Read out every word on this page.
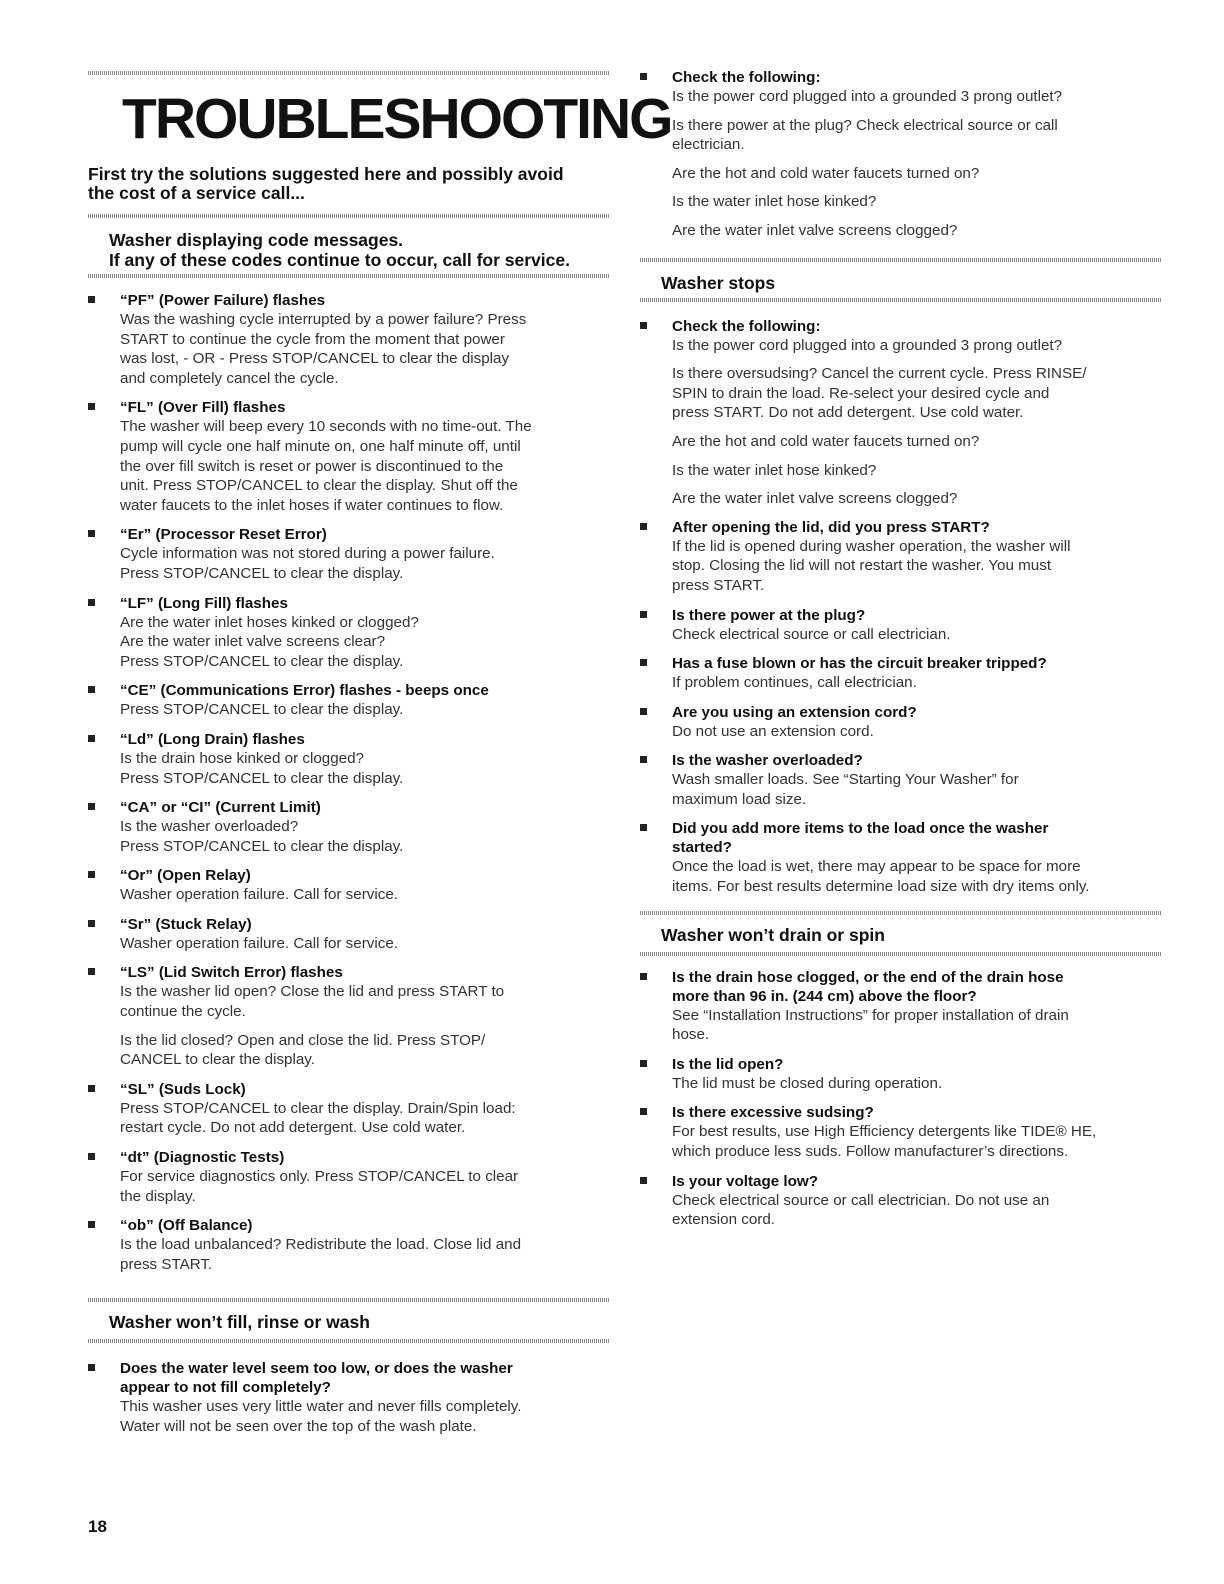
TROUBLESHOOTING

First try the solutions suggested here and possibly avoid

the cost of a service call...

Washer displaying code messages.

If any of these codes continue to occur, call for service.

“PF” (Power Failure) flashes
Was the washing cycle interrupted by a power failure? Press
START to continue the cycle from the moment that power
was lost, - OR - Press STOP/CANCEL to clear the display
and completely cancel the cycle.
“FL” (Over Fill) flashes
The washer will beep every 10 seconds with no time-out. The
pump will cycle one half minute on, one half minute off, until
the over fill switch is reset or power is discontinued to the
unit. Press STOP/CANCEL to clear the display. Shut off the
water faucets to the inlet hoses if water continues to flow.
“Er” (Processor Reset Error)
Cycle information was not stored during a power failure.
Press STOP/CANCEL to clear the display.
“LF” (Long Fill) flashes
Are the water inlet hoses kinked or clogged?
Are the water inlet valve screens clear?
Press STOP/CANCEL to clear the display.
“CE” (Communications Error) flashes - beeps once
Press STOP/CANCEL to clear the display.
“Ld” (Long Drain) flashes
Is the drain hose kinked or clogged?
Press STOP/CANCEL to clear the display.
“CA” or “CI” (Current Limit)
Is the washer overloaded?
Press STOP/CANCEL to clear the display.
“Or” (Open Relay)
Washer operation failure. Call for service.
“Sr” (Stuck Relay)
Washer operation failure. Call for service.
“LS” (Lid Switch Error) flashes
Is the washer lid open? Close the lid and press START to
continue the cycle.
Is the lid closed? Open and close the lid. Press STOP/
CANCEL to clear the display.
“SL” (Suds Lock)
Press STOP/CANCEL to clear the display. Drain/Spin load:
restart cycle. Do not add detergent. Use cold water.
“dt” (Diagnostic Tests)
For service diagnostics only. Press STOP/CANCEL to clear
the display.
“ob” (Off Balance)
Is the load unbalanced? Redistribute the load. Close lid and
press START.

Washer won’t fill, rinse or wash

Does the water level seem too low, or does the washer
appear to not fill completely?
This washer uses very little water and never fills completely.
Water will not be seen over the top of the wash plate.
18
Check the following:
Is the power cord plugged into a grounded 3 prong outlet?
Is there power at the plug? Check electrical source or call
electrician.
Are the hot and cold water faucets turned on?
Is the water inlet hose kinked?
Are the water inlet valve screens clogged?

Washer stops

Check the following:
Is the power cord plugged into a grounded 3 prong outlet?
Is there oversudsing? Cancel the current cycle. Press RINSE/
SPIN to drain the load. Re-select your desired cycle and
press START. Do not add detergent. Use cold water.
Are the hot and cold water faucets turned on?
Is the water inlet hose kinked?
Are the water inlet valve screens clogged?
After opening the lid, did you press START?
If the lid is opened during washer operation, the washer will
stop. Closing the lid will not restart the washer. You must
press START.
Is there power at the plug?
Check electrical source or call electrician.
Has a fuse blown or has the circuit breaker tripped?
If problem continues, call electrician.
Are you using an extension cord?
Do not use an extension cord.
Is the washer overloaded?
Wash smaller loads. See “Starting Your Washer” for
maximum load size.
Did you add more items to the load once the washer
started?
Once the load is wet, there may appear to be space for more
items. For best results determine load size with dry items only.

Washer won’t drain or spin

Is the drain hose clogged, or the end of the drain hose
more than 96 in. (244 cm) above the floor?
See “Installation Instructions” for proper installation of drain
hose.
Is the lid open?
The lid must be closed during operation.
Is there excessive sudsing?
For best results, use High Efficiency detergents like TIDE® HE,
which produce less suds. Follow manufacturer’s directions.
Is your voltage low?
Check electrical source or call electrician. Do not use an
extension cord.
